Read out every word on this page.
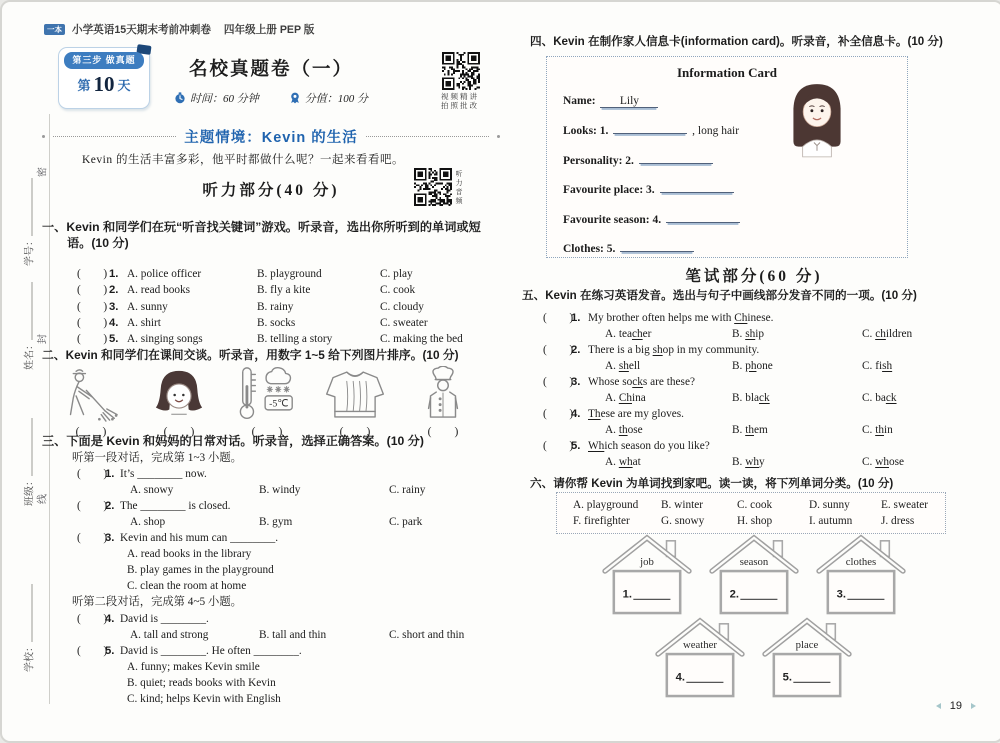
学号：
姓名：
班级：
学校：
密
封
线
一本 小学英语15天期末考前冲刺卷 四年级上册 PEP 版
第三步 做真题
第 10 天
名校真题卷（一）
时间：60 分钟	分值：100 分	视频精讲
拍照批改
主题情境：Kevin 的生活
Kevin 的生活丰富多彩，他平时都做什么呢？一起来看看吧。
听力部分(40 分)	听力音频
一、Kevin 和同学们在玩“听音找关键词”游戏。听录音，选出你所听到的单词或短语。(10 分)
(　　) 1. A. police officer	B. playground	C. play
(　　) 2. A. read books	B. fly a kite	C. cook
(　　) 3. A. sunny	B. rainy	C. cloudy
(　　) 4. A. shirt	B. socks	C. sweater
(　　) 5. A. singing songs	B. telling a story	C. making the bed
二、Kevin 和同学们在课间交谈。听录音，用数字 1~5 给下列图片排序。(10 分)
-5℃
(　　)	(　　)	(　　)	(　　)	(　　)
三、下面是 Kevin 和妈妈的日常对话。听录音，选择正确答案。(10 分)
听第一段对话，完成第 1~3 小题。
(　　)
1. It’s ________ now.
A. snowy	B. windy	C. rainy
(　　)
2. The ________ is closed.
A. shop	B. gym	C. park
(　　)
3. Kevin and his mum can ________.
A. read books in the library
B. play games in the playground
C. clean the room at home
听第二段对话，完成第 4~5 小题。
(　　)
4. David is ________.
A. tall and strong	B. tall and thin	C. short and thin
(　　)
5. David is ________. He often ________.
A. funny; makes Kevin smile
B. quiet; reads books with Kevin
C. kind; helps Kevin with English
四、Kevin 在制作家人信息卡(information card)。听录音，补全信息卡。(10 分)
Information Card
Name: Lily
Looks: 1.	, long hair
Personality: 2.
Favourite place: 3.
Favourite season: 4.
Clothes: 5.
笔试部分(60 分)
五、Kevin 在练习英语发音。选出与句子中画线部分发音不同的一项。(10 分)
(　　)
1. My brother often helps me with Chinese.
A. teacher	B. ship	C. children
(　　)
2. There is a big shop in my community.
A. shell	B. phone	C. fish
(　　)
3. Whose socks are these?
A. China	B. black	C. back
(　　)
4. These are my gloves.
A. those	B. them	C. thin
(　　)
5. Which season do you like?
A. what	B. why	C. whose
六、请你帮 Kevin 为单词找到家吧。读一读，将下列单词分类。(10 分)
A. playground	B. winter	C. cook	D. sunny	E. sweater
F. firefighter	G. snowy	H. shop	I. autumn	J. dress
job
1.
season
2.
clothes
3.
weather
4.
place
5.
19
